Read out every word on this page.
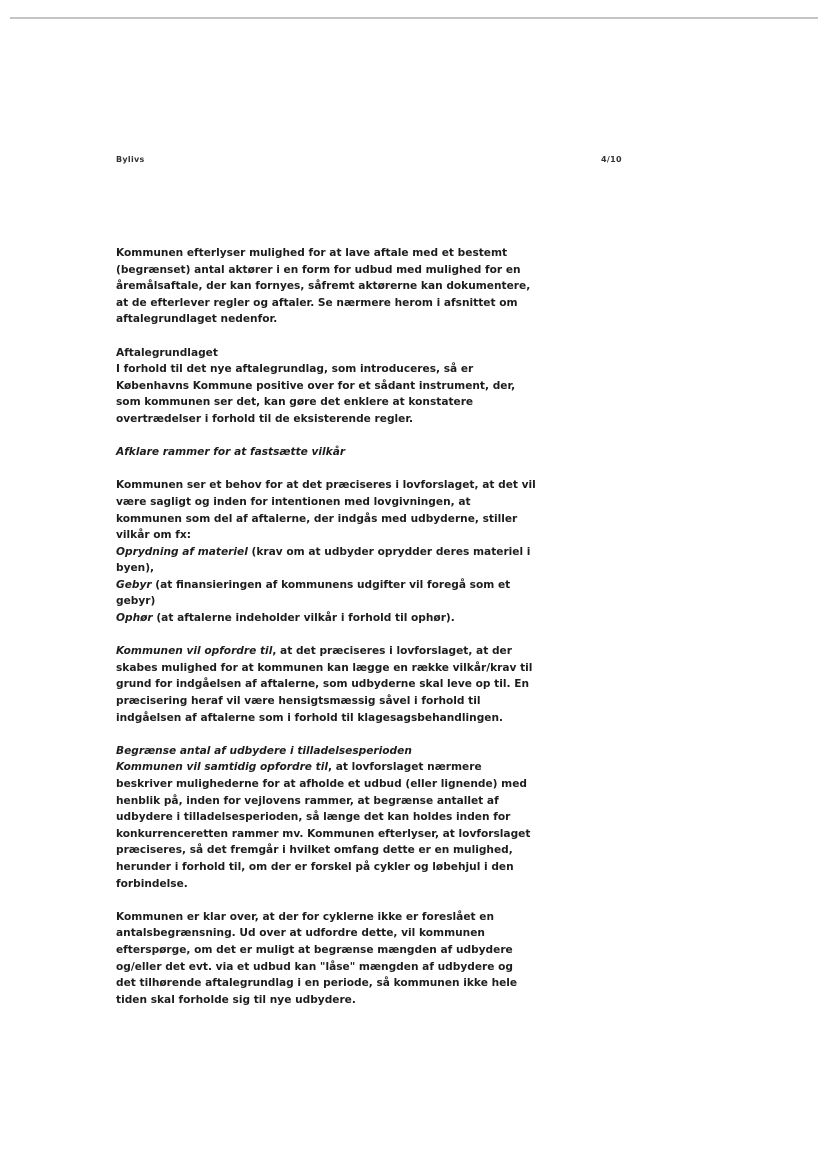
Bylivs	4/10

Kommunen efterlyser mulighed for at lave aftale med et bestemt (begrænset) antal aktører i en form for udbud med mulighed for en åremålsaftale, der kan fornyes, såfremt aktørerne kan dokumentere, at de efterlever regler og aftaler. Se nærmere herom i afsnittet om aftalegrundlaget nedenfor.

Aftalegrundlaget

I forhold til det nye aftalegrundlag, som introduceres, så er Københavns Kommune positive over for et sådant instrument, der, som kommunen ser det, kan gøre det enklere at konstatere overtrædelser i forhold til de eksisterende regler.

Afklare rammer for at fastsætte vilkår

Kommunen ser et behov for at det præciseres i lovforslaget, at det vil være sagligt og inden for intentionen med lovgivningen, at kommunen som del af aftalerne, der indgås med udbyderne, stiller vilkår om fx:

Oprydning af materiel (krav om at udbyder oprydder deres materiel i byen),

Gebyr (at finansieringen af kommunens udgifter vil foregå som et gebyr)

Ophør (at aftalerne indeholder vilkår i forhold til ophør).

Kommunen vil opfordre til, at det præciseres i lovforslaget, at der skabes mulighed for at kommunen kan lægge en række vilkår/krav til grund for indgåelsen af aftalerne, som udbyderne skal leve op til. En præcisering heraf vil være hensigtsmæssig såvel i forhold til indgåelsen af aftalerne som i forhold til klagesagsbehandlingen.

Begrænse antal af udbydere i tilladelsesperioden

Kommunen vil samtidig opfordre til, at lovforslaget nærmere beskriver mulighederne for at afholde et udbud (eller lignende) med henblik på, inden for vejlovens rammer, at begrænse antallet af udbydere i tilladelsesperioden, så længe det kan holdes inden for konkurrenceretten rammer mv. Kommunen efterlyser, at lovforslaget præciseres, så det fremgår i hvilket omfang dette er en mulighed, herunder i forhold til, om der er forskel på cykler og løbehjul i den forbindelse.

Kommunen er klar over, at der for cyklerne ikke er foreslået en antalsbegrænsning. Ud over at udfordre dette, vil kommunen efterspørge, om det er muligt at begrænse mængden af udbydere og/eller det evt. via et udbud kan "låse" mængden af udbydere og det tilhørende aftalegrundlag i en periode, så kommunen ikke hele tiden skal forholde sig til nye udbydere.
